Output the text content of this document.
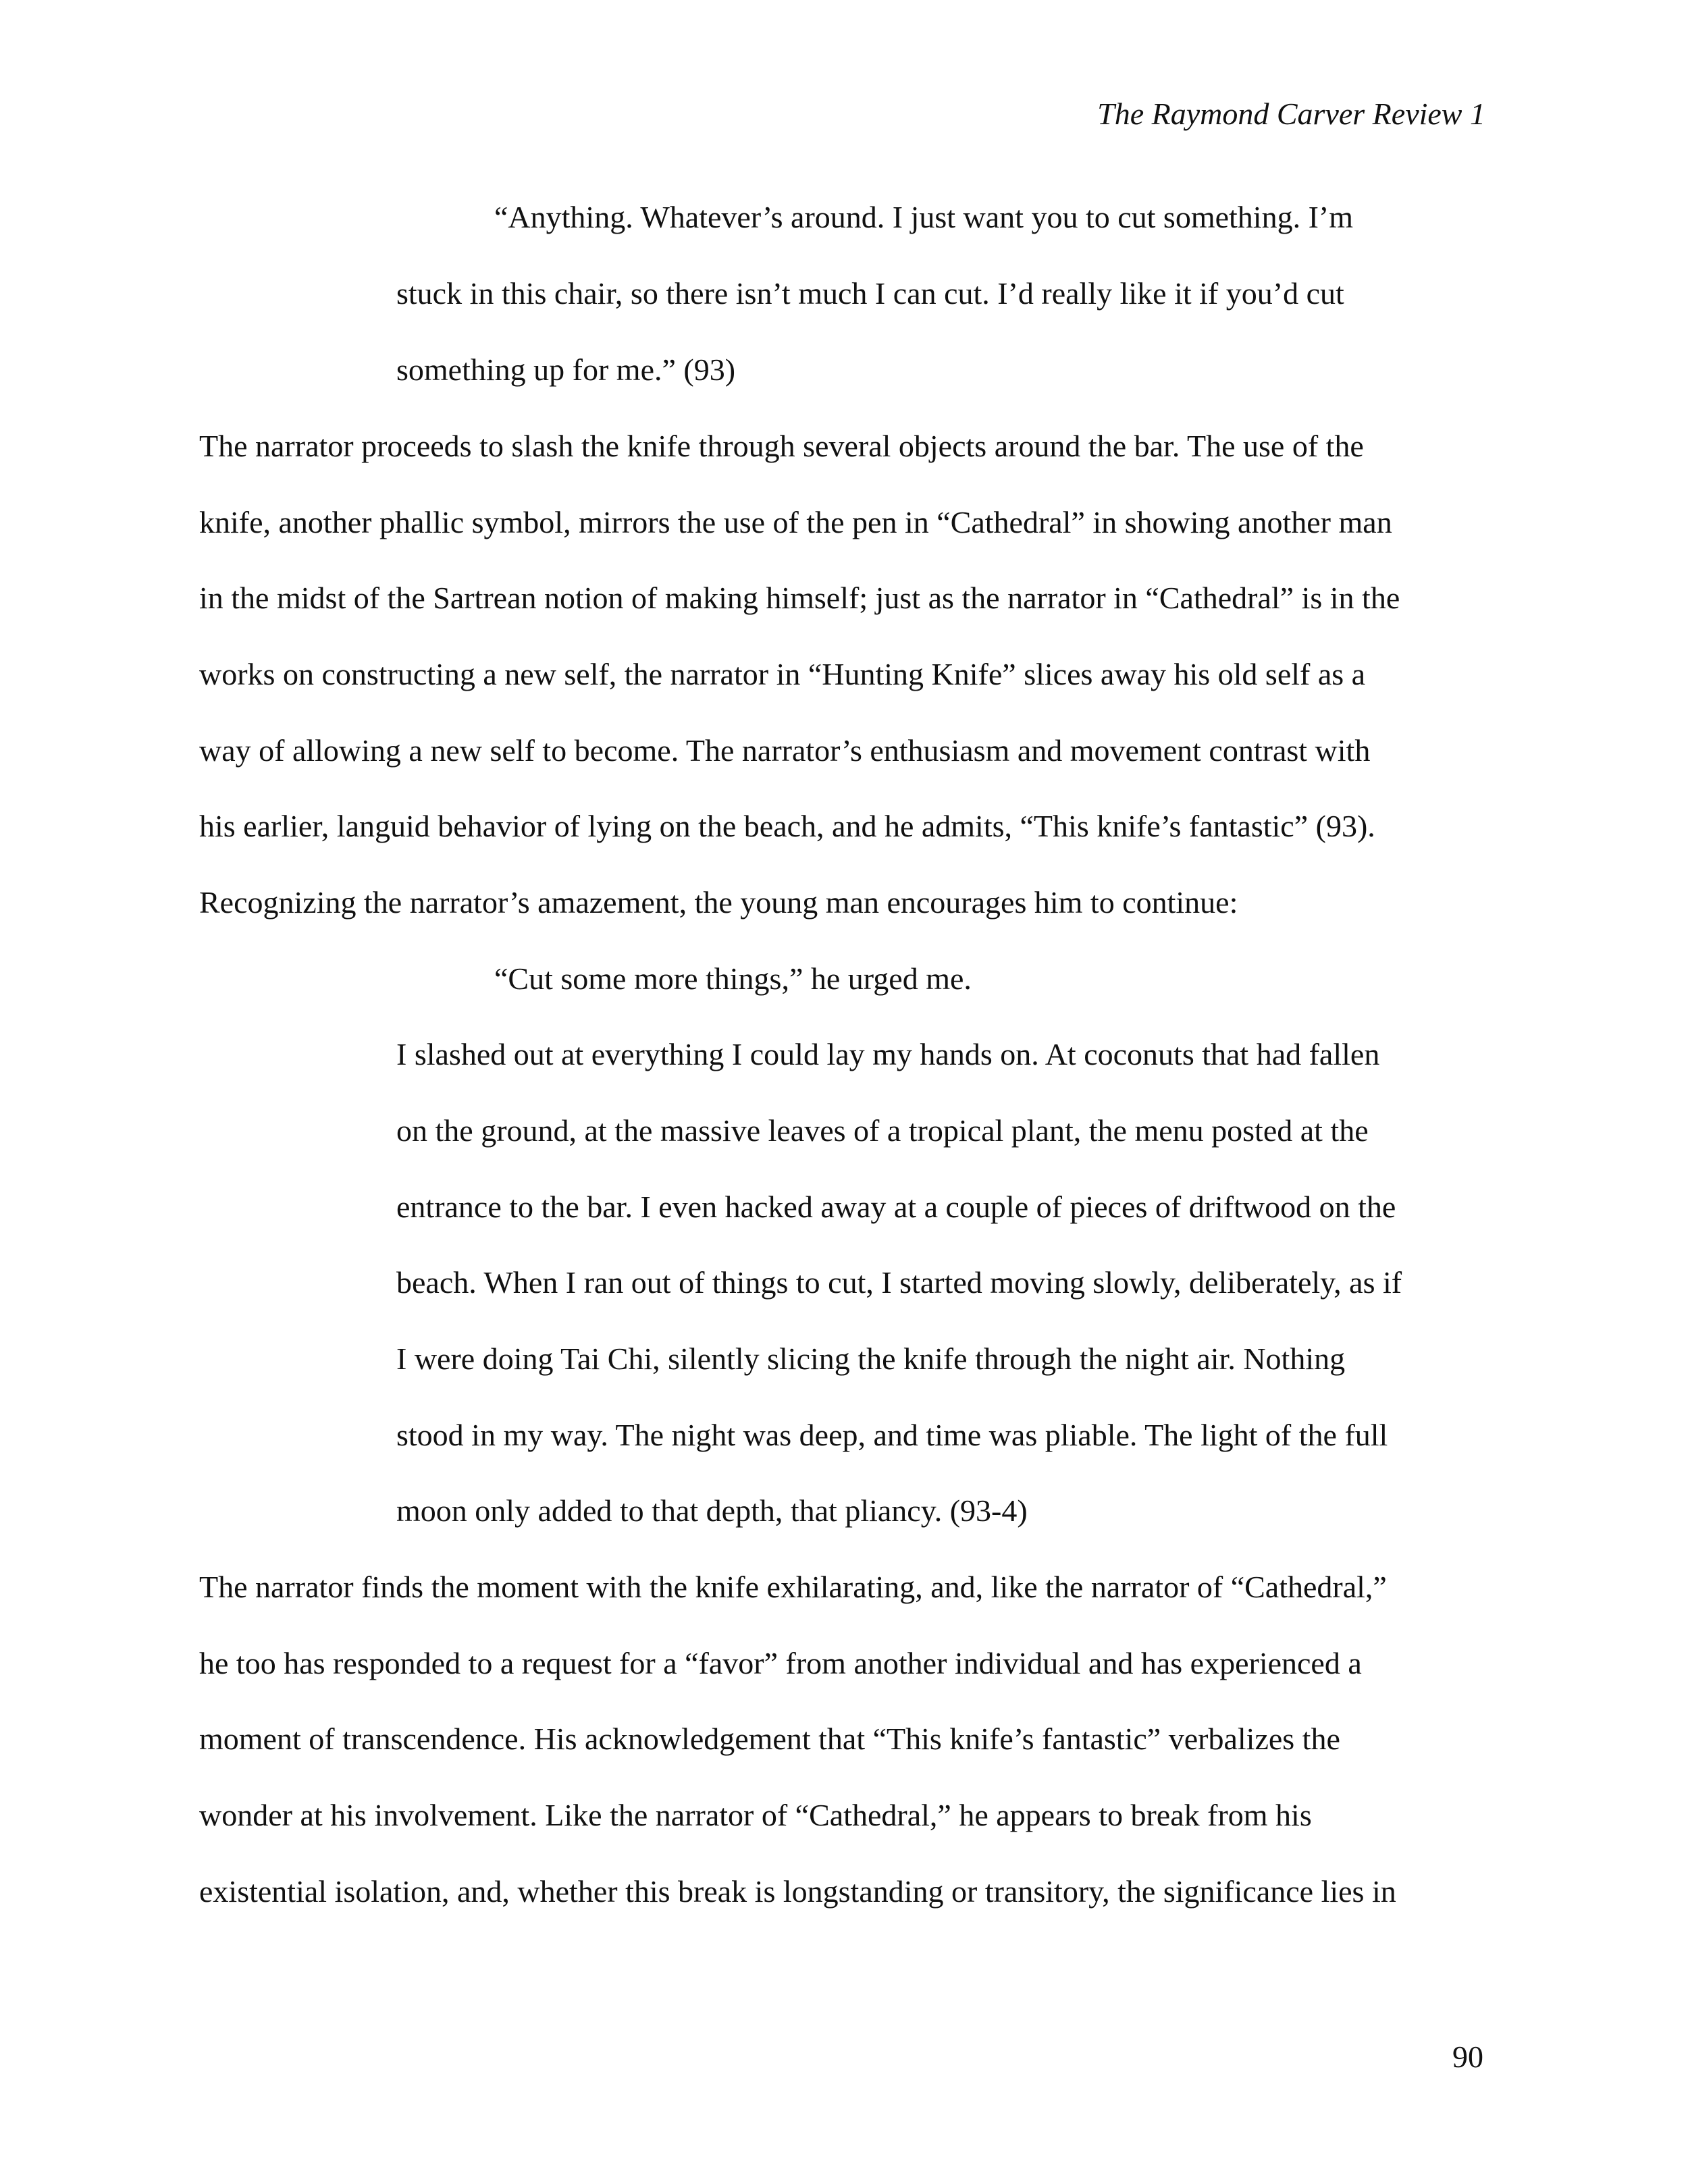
The Raymond Carver Review 1
“Anything. Whatever’s around. I just want you to cut something. I’m
stuck in this chair, so there isn’t much I can cut. I’d really like it if you’d cut
something up for me.” (93)
The narrator proceeds to slash the knife through several objects around the bar. The use of the
knife, another phallic symbol, mirrors the use of the pen in “Cathedral” in showing another man
in the midst of the Sartrean notion of making himself; just as the narrator in “Cathedral” is in the
works on constructing a new self, the narrator in “Hunting Knife” slices away his old self as a
way of allowing a new self to become. The narrator’s enthusiasm and movement contrast with
his earlier, languid behavior of lying on the beach, and he admits, “This knife’s fantastic” (93).
Recognizing the narrator’s amazement, the young man encourages him to continue:
“Cut some more things,” he urged me.
I slashed out at everything I could lay my hands on. At coconuts that had fallen
on the ground, at the massive leaves of a tropical plant, the menu posted at the
entrance to the bar. I even hacked away at a couple of pieces of driftwood on the
beach. When I ran out of things to cut, I started moving slowly, deliberately, as if
I were doing Tai Chi, silently slicing the knife through the night air. Nothing
stood in my way. The night was deep, and time was pliable. The light of the full
moon only added to that depth, that pliancy. (93-4)
The narrator finds the moment with the knife exhilarating, and, like the narrator of “Cathedral,”
he too has responded to a request for a “favor” from another individual and has experienced a
moment of transcendence. His acknowledgement that “This knife’s fantastic” verbalizes the
wonder at his involvement. Like the narrator of “Cathedral,” he appears to break from his
existential isolation, and, whether this break is longstanding or transitory, the significance lies in
90
